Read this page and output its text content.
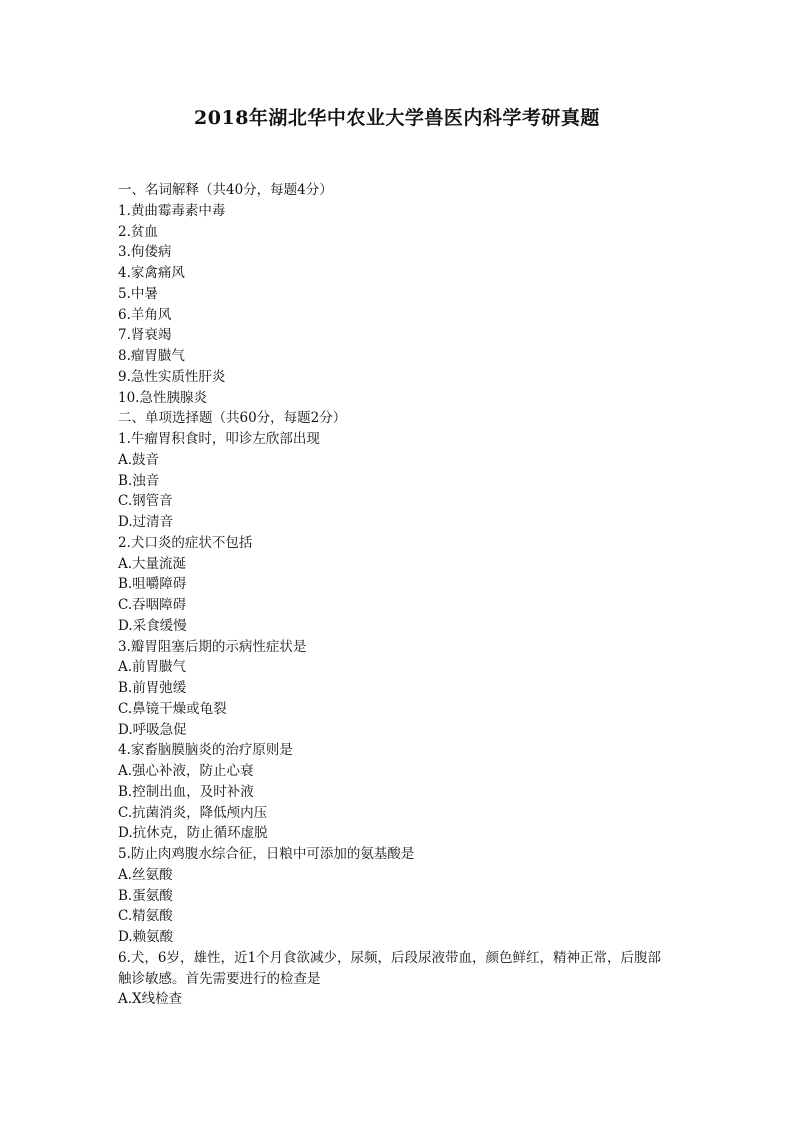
2018年湖北华中农业大学兽医内科学考研真题
一、名词解释（共40分，每题4分）
1.黄曲霉毒素中毒
2.贫血
3.佝偻病
4.家禽痛风
5.中暑
6.羊角风
7.肾衰竭
8.瘤胃臌气
9.急性实质性肝炎
10.急性胰腺炎
二、单项选择题（共60分，每题2分）
1.牛瘤胃积食时，叩诊左欣部出现
A.鼓音
B.浊音
C.钢管音
D.过清音
2.犬口炎的症状不包括
A.大量流涎
B.咀嚼障碍
C.吞咽障碍
D.采食缓慢
3.瓣胃阻塞后期的示病性症状是
A.前胃臌气
B.前胃弛缓
C.鼻镜干燥或龟裂
D.呼吸急促
4.家畜脑膜脑炎的治疗原则是
A.强心补液，防止心衰
B.控制出血，及时补液
C.抗菌消炎，降低颅内压
D.抗休克，防止循环虚脱
5.防止肉鸡腹水综合征，日粮中可添加的氨基酸是
A.丝氨酸
B.蛋氨酸
C.精氨酸
D.赖氨酸
6.犬，6岁，雄性，近1个月食欲减少，尿频，后段尿液带血，颜色鲜红，精神正常，后腹部触诊敏感。首先需要进行的检查是
A.X线检查
